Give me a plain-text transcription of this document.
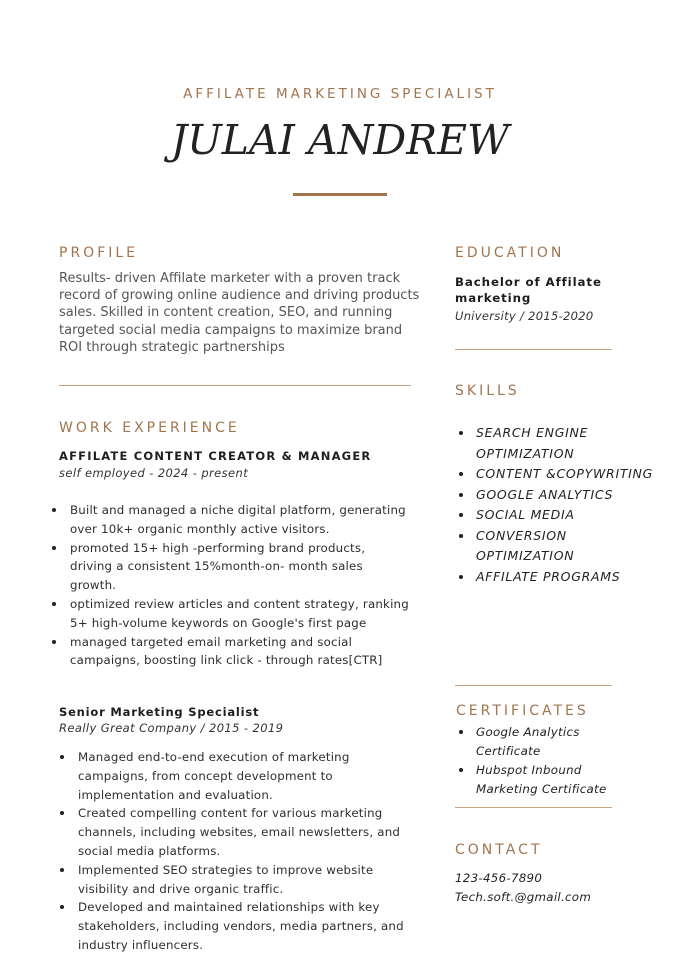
AFFILATE MARKETING SPECIALIST
JULAI ANDREW
PROFILE
Results- driven Affilate marketer with a proven track record of growing online audience and driving products sales. Skilled in content creation, SEO, and running targeted social media campaigns to maximize brand ROI through strategic partnerships
WORK EXPERIENCE
AFFILATE CONTENT CREATOR & MANAGER
self employed - 2024 - present
Built and managed a niche digital platform, generating over 10k+ organic monthly active visitors.
promoted 15+ high -performing brand products, driving a consistent 15%month-on- month sales growth.
optimized review articles and content strategy, ranking 5+ high-volume keywords on Google's first page
managed targeted email marketing and social campaigns, boosting link click - through rates[CTR]
Senior Marketing Specialist
Really Great Company / 2015 - 2019
Managed end-to-end execution of marketing campaigns, from concept development to implementation and evaluation.
Created compelling content for various marketing channels, including websites, email newsletters, and social media platforms.
Implemented SEO strategies to improve website visibility and drive organic traffic.
Developed and maintained relationships with key stakeholders, including vendors, media partners, and industry influencers.
EDUCATION
Bachelor of Affilate marketing
University / 2015-2020
SKILLS
SEARCH ENGINE OPTIMIZATION
CONTENT &COPYWRITING
GOOGLE ANALYTICS
SOCIAL MEDIA
CONVERSION OPTIMIZATION
AFFILATE PROGRAMS
CERTIFICATES
Google Analytics Certificate
Hubspot Inbound Marketing Certificate
CONTACT
123-456-7890
Tech.soft.@gmail.com
